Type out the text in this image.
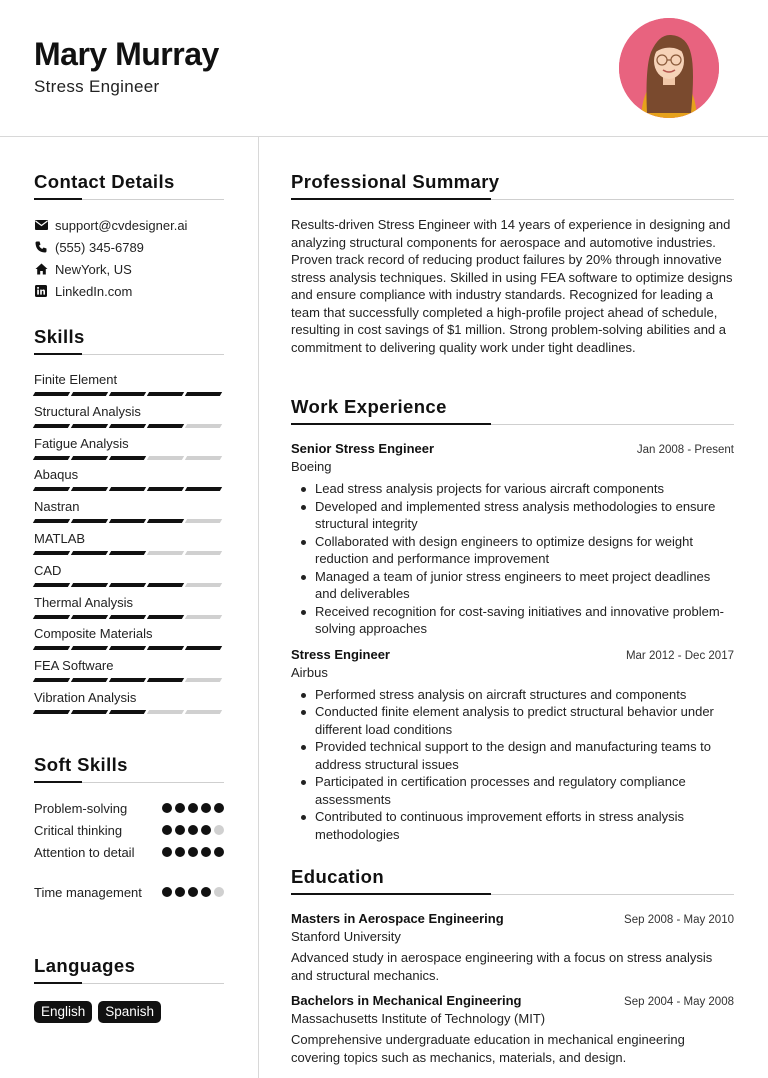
Mary Murray
Stress Engineer
Contact Details
support@cvdesigner.ai
(555) 345-6789
NewYork, US
LinkedIn.com
Skills
Finite Element
Structural Analysis
Fatigue Analysis
Abaqus
Nastran
MATLAB
CAD
Thermal Analysis
Composite Materials
FEA Software
Vibration Analysis
Soft Skills
Problem-solving
Critical thinking
Attention to detail
Time management
Languages
English	Spanish
Professional Summary

Results-driven Stress Engineer with 14 years of experience in designing and analyzing structural components for aerospace and automotive industries. Proven track record of reducing product failures by 20% through innovative stress analysis techniques. Skilled in using FEA software to optimize designs and ensure compliance with industry standards. Recognized for leading a team that successfully completed a high-profile project ahead of schedule, resulting in cost savings of $1 million. Strong problem-solving abilities and a commitment to delivering quality work under tight deadlines.

Work Experience
Senior Stress Engineer	Jan 2008 - Present
Boeing
Lead stress analysis projects for various aircraft components
Developed and implemented stress analysis methodologies to ensure structural integrity
Collaborated with design engineers to optimize designs for weight reduction and performance improvement
Managed a team of junior stress engineers to meet project deadlines and deliverables
Received recognition for cost-saving initiatives and innovative problem-solving approaches
Stress Engineer	Mar 2012 - Dec 2017
Airbus
Performed stress analysis on aircraft structures and components
Conducted finite element analysis to predict structural behavior under different load conditions
Provided technical support to the design and manufacturing teams to address structural issues
Participated in certification processes and regulatory compliance assessments
Contributed to continuous improvement efforts in stress analysis methodologies
Education
Masters in Aerospace Engineering	Sep 2008 - May 2010
Stanford University

Advanced study in aerospace engineering with a focus on stress analysis and structural mechanics.

Bachelors in Mechanical Engineering	Sep 2004 - May 2008
Massachusetts Institute of Technology (MIT)

Comprehensive undergraduate education in mechanical engineering covering topics such as mechanics, materials, and design.
